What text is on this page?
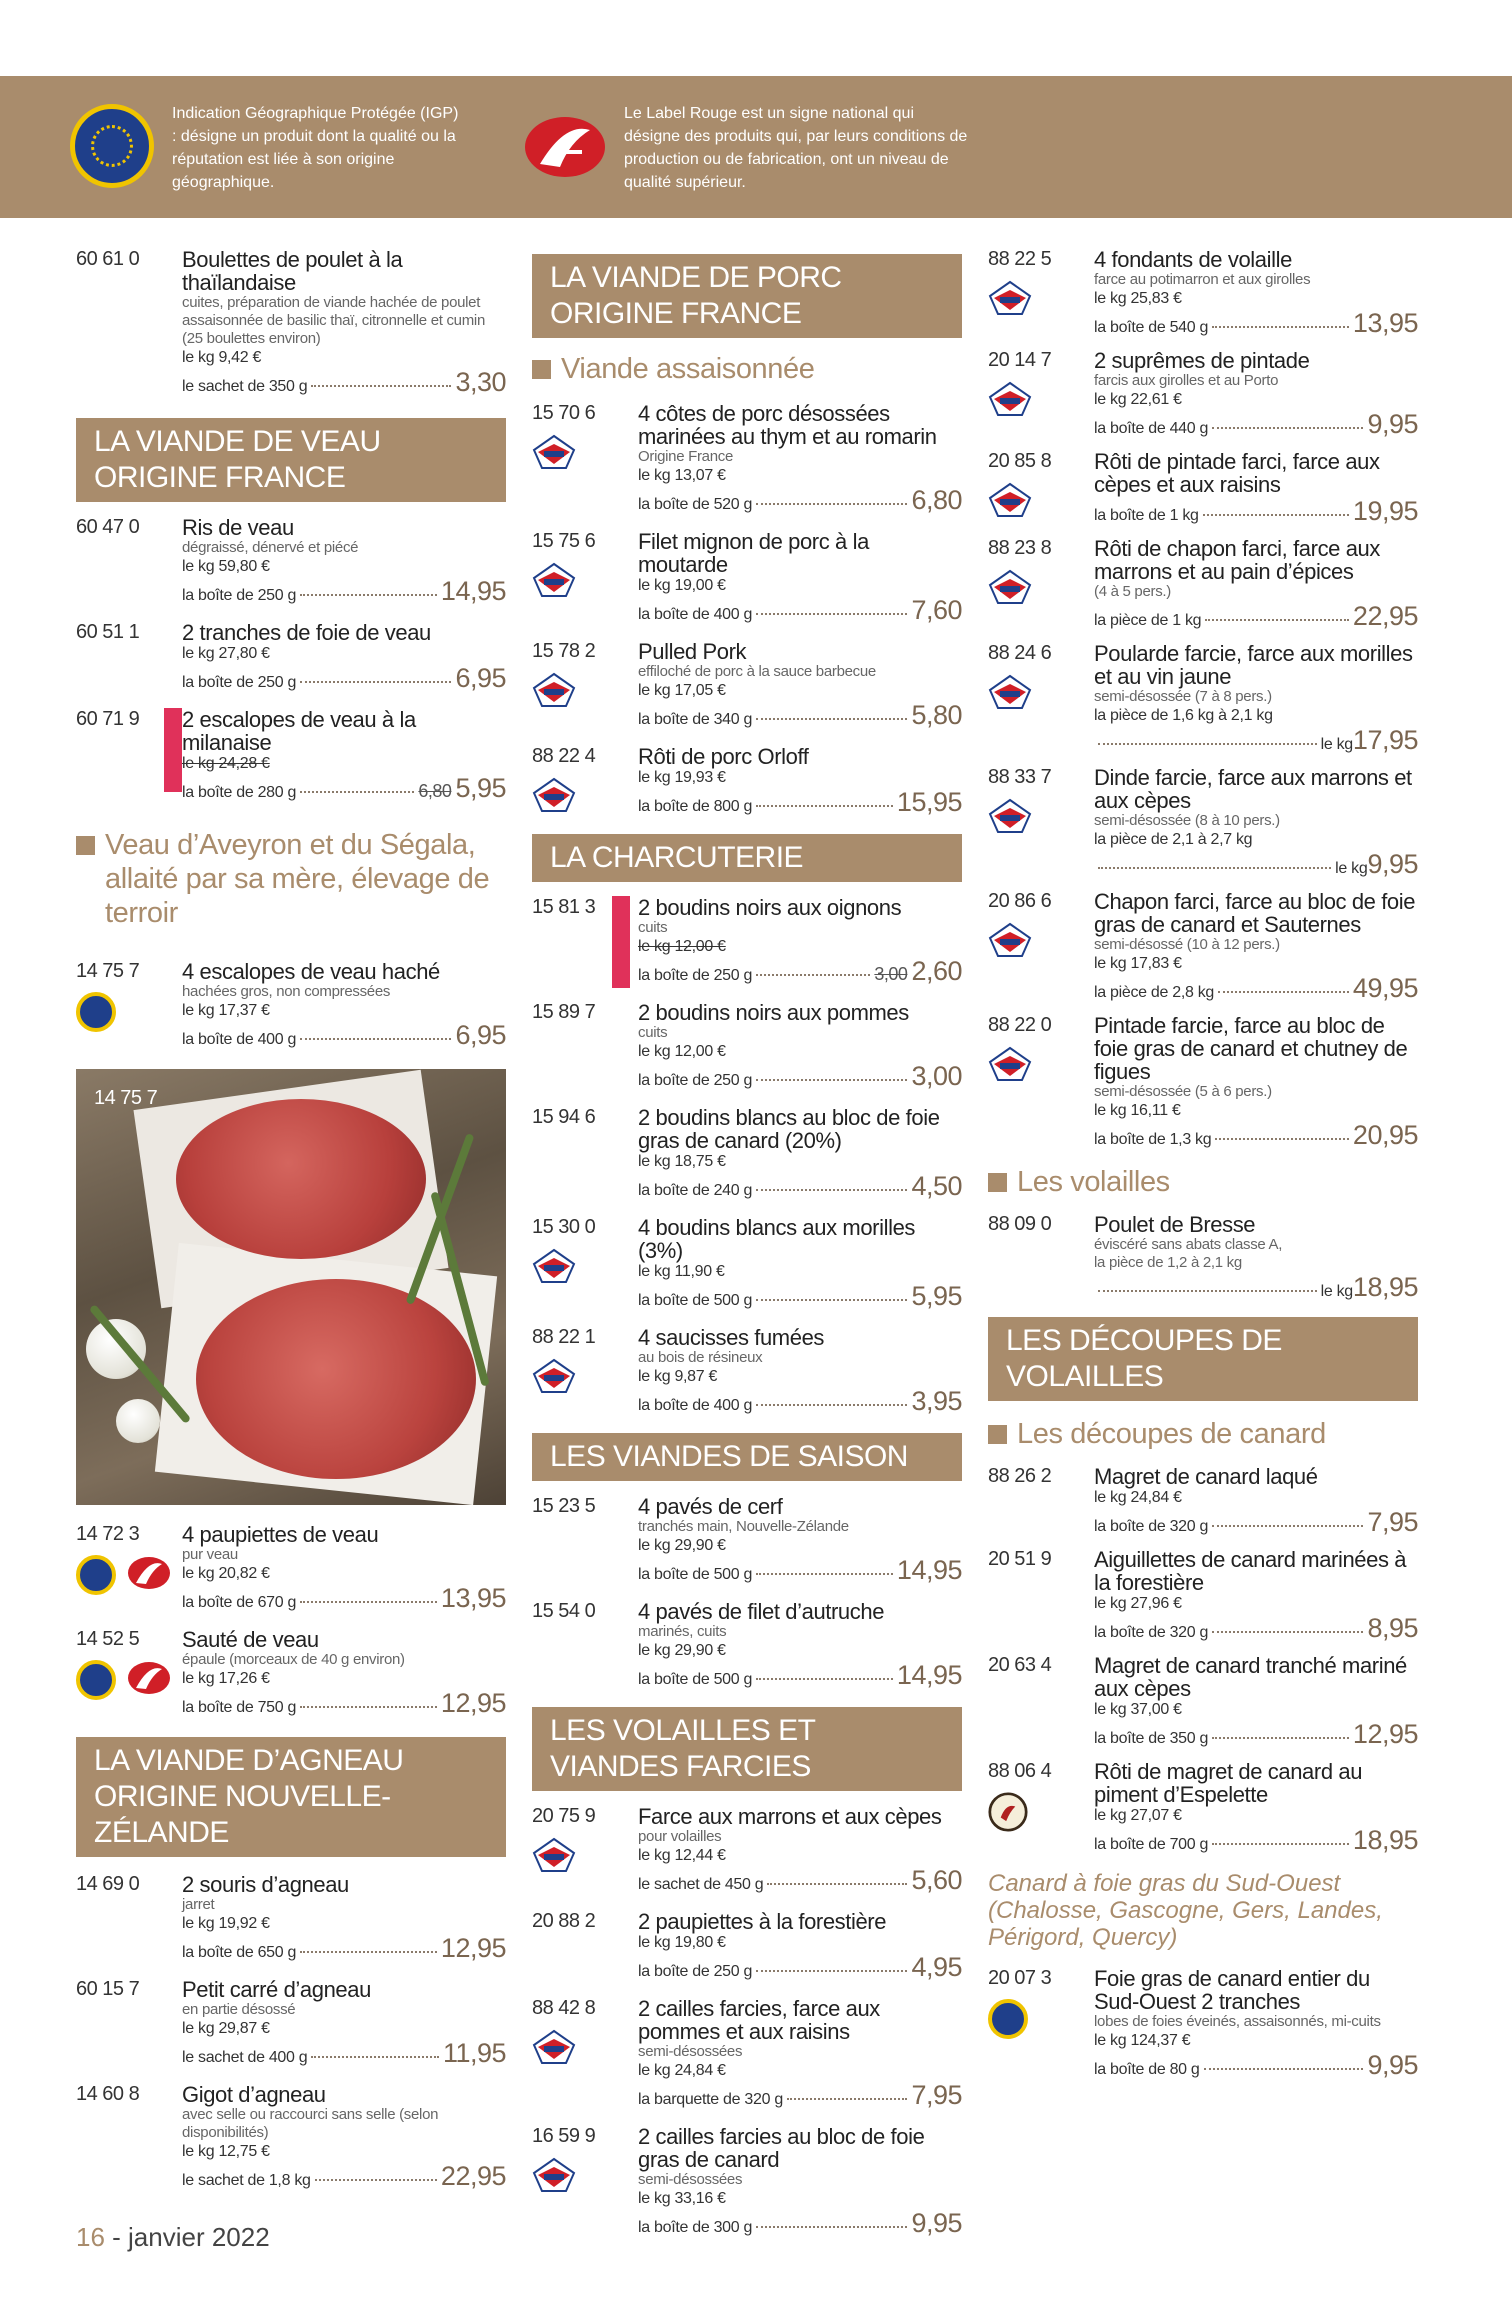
Indication Géographique Protégée (IGP) : désigne un produit dont la qualité ou la réputation est liée à son origine géographique.
Le Label Rouge est un signe national qui désigne des produits qui, par leurs conditions de production ou de fabrication, ont un niveau de qualité supérieur.
60 61 0 Boulettes de poulet à la thaïlandaise
cuites, préparation de viande hachée de poulet assaisonnée de basilic thaï, citronnelle et cumin (25 boulettes environ)
le kg 9,42 €
le sachet de 350 g	3,30
LA VIANDE DE VEAU ORIGINE FRANCE
60 47 0 Ris de veau
dégraissé, dénervé et piécé
le kg 59,80 €
la boîte de 250 g	14,95
60 51 1 2 tranches de foie de veau
le kg 27,80 €
la boîte de 250 g	6,95
60 71 9 2 escalopes de veau à la milanaise
le kg 24,28 €
la boîte de 280 g	6,80 5,95
Veau d’Aveyron et du Ségala, allaité par sa mère, élevage de terroir
14 75 7 4 escalopes de veau haché
hachées gros, non compressées
le kg 17,37 €
la boîte de 400 g	6,95
14 75 7
14 72 3 4 paupiettes de veau
pur veau
le kg 20,82 €
la boîte de 670 g	13,95
14 52 5 Sauté de veau
épaule (morceaux de 40 g environ)
le kg 17,26 €
la boîte de 750 g	12,95
LA VIANDE D’AGNEAU ORIGINE NOUVELLE-ZÉLANDE
14 69 0 2 souris d’agneau
jarret
le kg 19,92 €
la boîte de 650 g	12,95
60 15 7 Petit carré d’agneau
en partie désossé
le kg 29,87 €
le sachet de 400 g	11,95
14 60 8 Gigot d’agneau
avec selle ou raccourci sans selle (selon disponibilités)
le kg 12,75 €
le sachet de 1,8 kg	22,95
LA VIANDE DE PORC ORIGINE FRANCE
Viande assaisonnée
15 70 6 4 côtes de porc désossées marinées au thym et au romarin
Origine France
le kg 13,07 €
la boîte de 520 g	6,80
15 75 6 Filet mignon de porc à la moutarde
le kg 19,00 €
la boîte de 400 g	7,60
15 78 2 Pulled Pork
effiloché de porc à la sauce barbecue
le kg 17,05 €
la boîte de 340 g	5,80
88 22 4 Rôti de porc Orloff
le kg 19,93 €
la boîte de 800 g	15,95
LA CHARCUTERIE
15 81 3 2 boudins noirs aux oignons
cuits
le kg 12,00 €
la boîte de 250 g	3,00 2,60
15 89 7 2 boudins noirs aux pommes
cuits
le kg 12,00 €
la boîte de 250 g	3,00
15 94 6 2 boudins blancs au bloc de foie gras de canard (20%)
le kg 18,75 €
la boîte de 240 g	4,50
15 30 0 4 boudins blancs aux morilles (3%)
le kg 11,90 €
la boîte de 500 g	5,95
88 22 1 4 saucisses fumées
au bois de résineux
le kg 9,87 €
la boîte de 400 g	3,95
LES VIANDES DE SAISON
15 23 5 4 pavés de cerf
tranchés main, Nouvelle-Zélande
le kg 29,90 €
la boîte de 500 g	14,95
15 54 0 4 pavés de filet d’autruche
marinés, cuits
le kg 29,90 €
la boîte de 500 g	14,95
LES VOLAILLES ET VIANDES FARCIES
20 75 9 Farce aux marrons et aux cèpes
pour volailles
le kg 12,44 €
le sachet de 450 g	5,60
20 88 2 2 paupiettes à la forestière
le kg 19,80 €
la boîte de 250 g	4,95
88 42 8 2 cailles farcies, farce aux pommes et aux raisins
semi-désossées
le kg 24,84 €
la barquette de 320 g	7,95
16 59 9 2 cailles farcies au bloc de foie gras de canard
semi-désossées
le kg 33,16 €
la boîte de 300 g	9,95
88 22 5 4 fondants de volaille
farce au potimarron et aux girolles
le kg 25,83 €
la boîte de 540 g	13,95
20 14 7 2 suprêmes de pintade
farcis aux girolles et au Porto
le kg 22,61 €
la boîte de 440 g	9,95
20 85 8 Rôti de pintade farci, farce aux cèpes et aux raisins
la boîte de 1 kg	19,95
88 23 8 Rôti de chapon farci, farce aux marrons et au pain d’épices
(4 à 5 pers.)
la pièce de 1 kg	22,95
88 24 6 Poularde farcie, farce aux morilles et au vin jaune
semi-désossée (7 à 8 pers.)
la pièce de 1,6 kg à 2,1 kg
le kg 17,95
88 33 7 Dinde farcie, farce aux marrons et aux cèpes
semi-désossée (8 à 10 pers.)
la pièce de 2,1 à 2,7 kg
le kg 9,95
20 86 6 Chapon farci, farce au bloc de foie gras de canard et Sauternes
semi-désossé (10 à 12 pers.)
le kg 17,83 €
la pièce de 2,8 kg	49,95
88 22 0 Pintade farcie, farce au bloc de foie gras de canard et chutney de figues
semi-désossée (5 à 6 pers.)
le kg 16,11 €
la boîte de 1,3 kg	20,95
Les volailles
88 09 0 Poulet de Bresse
éviscéré sans abats classe A,
la pièce de 1,2 à 2,1 kg
le kg 18,95
LES DÉCOUPES DE VOLAILLES
Les découpes de canard
88 26 2 Magret de canard laqué
le kg 24,84 €
la boîte de 320 g	7,95
20 51 9 Aiguillettes de canard marinées à la forestière
le kg 27,96 €
la boîte de 320 g	8,95
20 63 4 Magret de canard tranché mariné aux cèpes
le kg 37,00 €
la boîte de 350 g	12,95
88 06 4 Rôti de magret de canard au piment d’Espelette
le kg 27,07 €
la boîte de 700 g	18,95
Canard à foie gras du Sud-Ouest (Chalosse, Gascogne, Gers, Landes, Périgord, Quercy)
20 07 3 Foie gras de canard entier du Sud-Ouest 2 tranches
lobes de foies éveinés, assaisonnés, mi-cuits
le kg 124,37 €
la boîte de 80 g	9,95
16 - janvier 2022
